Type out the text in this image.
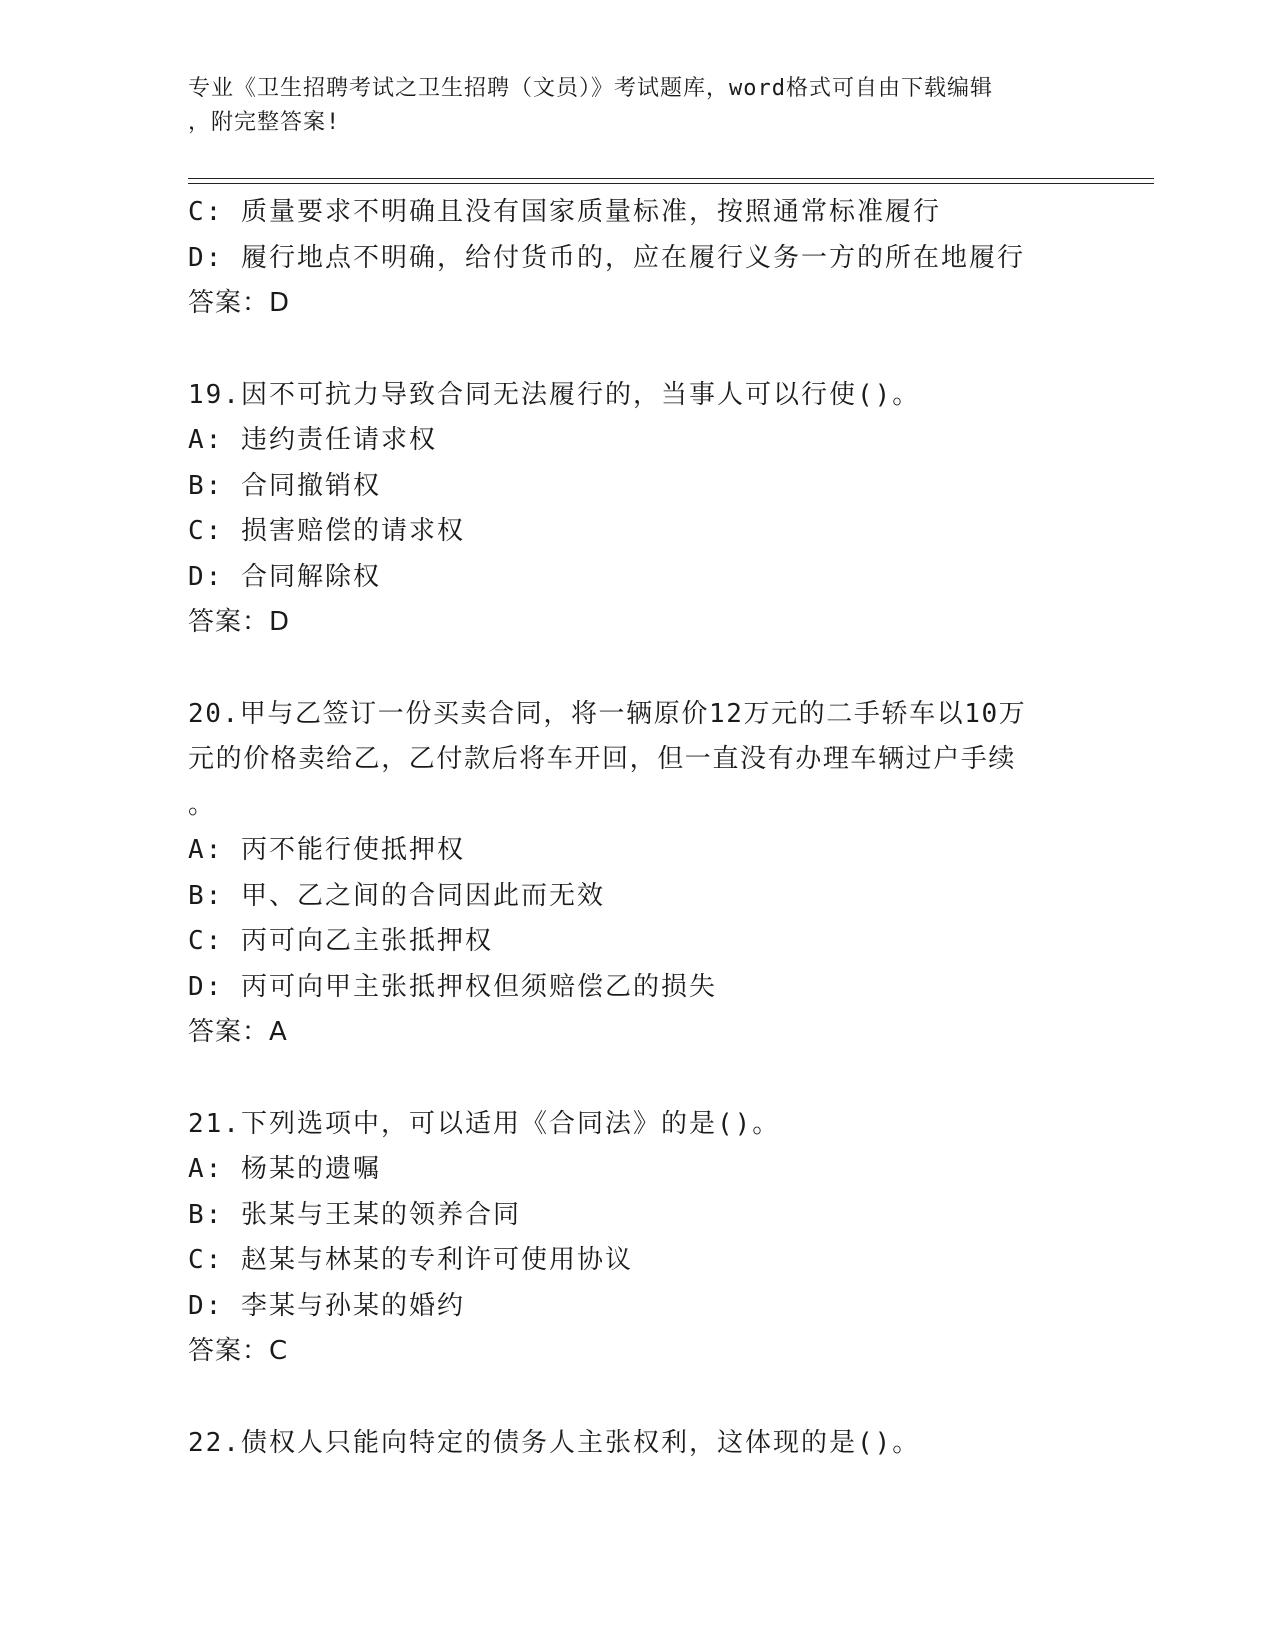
专业《卫生招聘考试之卫生招聘（文员）》考试题库，word格式可自由下载编辑

，附完整答案!

C: 质量要求不明确且没有国家质量标准，按照通常标准履行

D: 履行地点不明确，给付货币的，应在履行义务一方的所在地履行

答案：D

19.因不可抗力导致合同无法履行的，当事人可以行使()。

A: 违约责任请求权

B: 合同撤销权

C: 损害赔偿的请求权

D: 合同解除权

答案：D

20.甲与乙签订一份买卖合同，将一辆原价12万元的二手轿车以10万

元的价格卖给乙，乙付款后将车开回，但一直没有办理车辆过户手续

。

A: 丙不能行使抵押权

B: 甲、乙之间的合同因此而无效

C: 丙可向乙主张抵押权

D: 丙可向甲主张抵押权但须赔偿乙的损失

答案：A

21.下列选项中，可以适用《合同法》的是()。

A: 杨某的遗嘱

B: 张某与王某的领养合同

C: 赵某与林某的专利许可使用协议

D: 李某与孙某的婚约

答案：C

22.债权人只能向特定的债务人主张权利，这体现的是()。
